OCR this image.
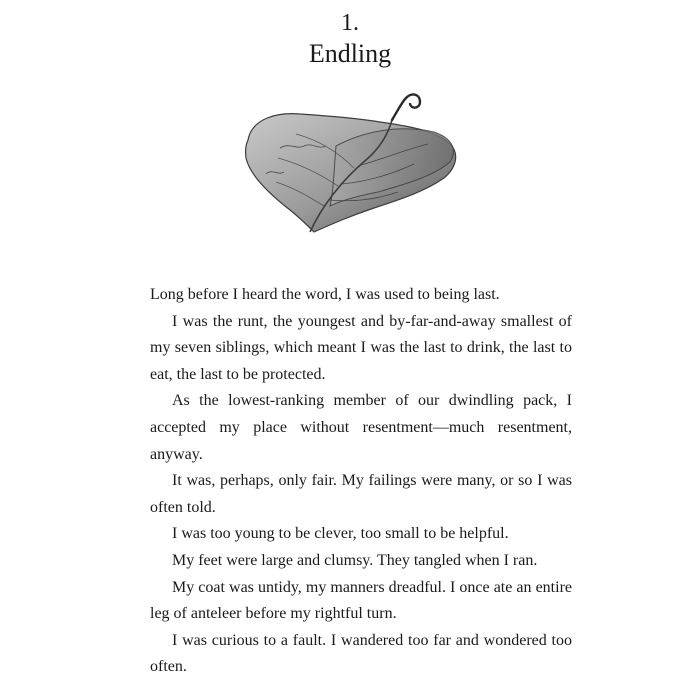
1.
Endling

Long before I heard the word, I was used to being last.

I was the runt, the youngest and by-far-and-away smallest of my seven siblings, which meant I was the last to drink, the last to eat, the last to be protected.

As the lowest-ranking member of our dwindling pack, I accepted my place without resentment—much resentment, anyway.

It was, perhaps, only fair. My failings were many, or so I was often told.

I was too young to be clever, too small to be helpful.

My feet were large and clumsy. They tangled when I ran.

My coat was untidy, my manners dreadful. I once ate an entire leg of anteleer before my rightful turn.

I was curious to a fault. I wandered too far and wondered too often.
